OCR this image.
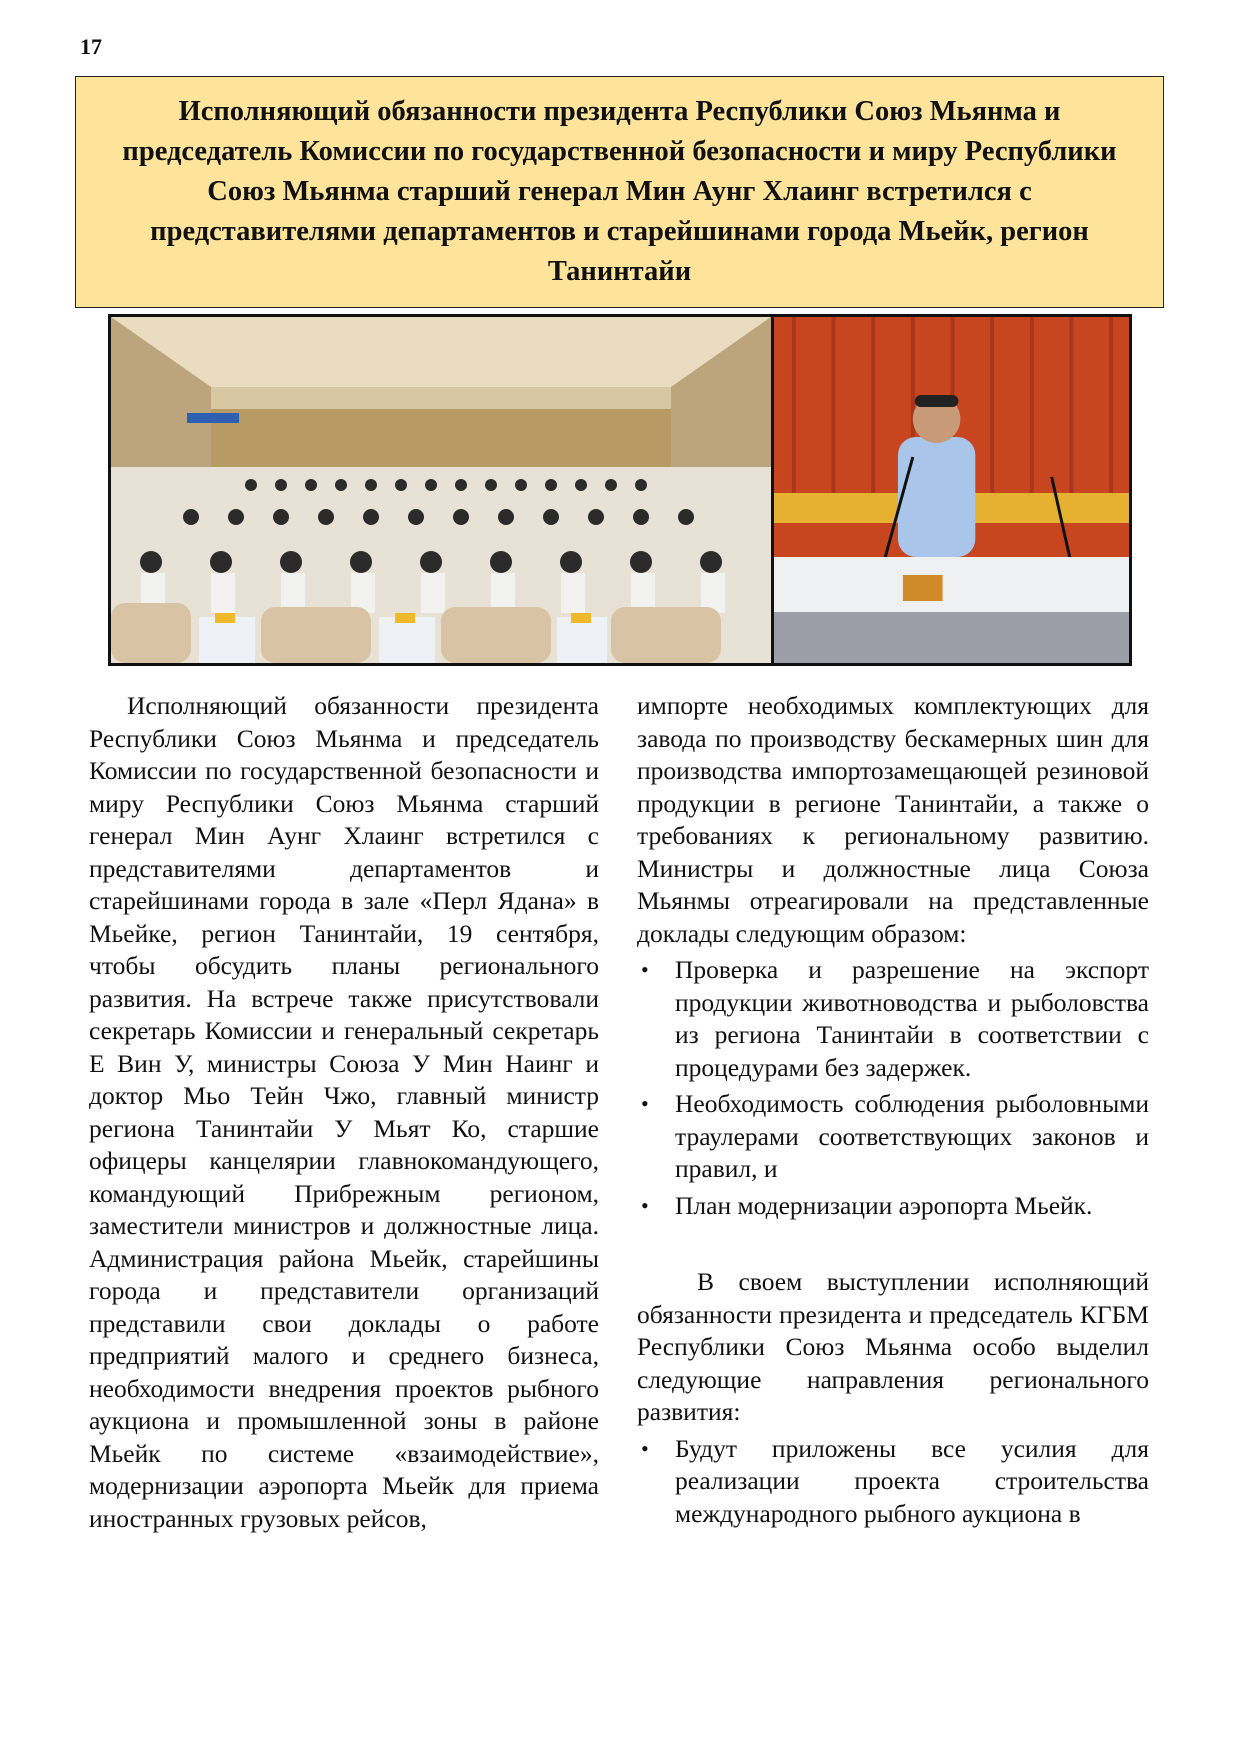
17
Исполняющий обязанности президента Республики Союз Мьянма и председатель Комиссии по государственной безопасности и миру Республики Союз Мьянма старший генерал Мин Аунг Хлаинг встретился с представителями департаментов и старейшинами города Мьейк, регион Танинтайи

Исполняющий обязанности президента Республики Союз Мьянма и председатель Комиссии по государственной безопасности и миру Республики Союз Мьянма старший генерал Мин Аунг Хлаинг встретился с представителями департаментов и старейшинами города в зале «Перл Ядана» в Мьейке, регион Танинтайи, 19 сентября, чтобы обсудить планы регионального развития. На встрече также присутствовали секретарь Комиссии и генеральный секретарь Е Вин У, министры Союза У Мин Наинг и доктор Мьо Тейн Чжо, главный министр региона Танинтайи У Мьят Ко, старшие офицеры канцелярии главнокомандующего, командующий Прибрежным регионом, заместители министров и должностные лица. Администрация района Мьейк, старейшины города и представители организаций представили свои доклады о работе предприятий малого и среднего бизнеса, необходимости внедрения проектов рыбного аукциона и промышленной зоны в районе Мьейк по системе «взаимодействие», модернизации аэропорта Мьейк для приема иностранных грузовых рейсов,

импорте необходимых комплектующих для завода по производству бескамерных шин для производства импортозамещающей резиновой продукции в регионе Танинтайи, а также о требованиях к региональному развитию. Министры и должностные лица Союза Мьянмы отреагировали на представленные доклады следующим образом:

• Проверка и разрешение на экспорт продукции животноводства и рыболовства из региона Танинтайи в соответствии с процедурами без задержек.
• Необходимость соблюдения рыболовными траулерами соответствующих законов и правил, и
• План модернизации аэропорта Мьейк.

В своем выступлении исполняющий обязанности президента и председатель КГБМ Республики Союз Мьянма особо выделил следующие направления регионального развития:

• Будут приложены все усилия для реализации проекта строительства международного рыбного аукциона в
